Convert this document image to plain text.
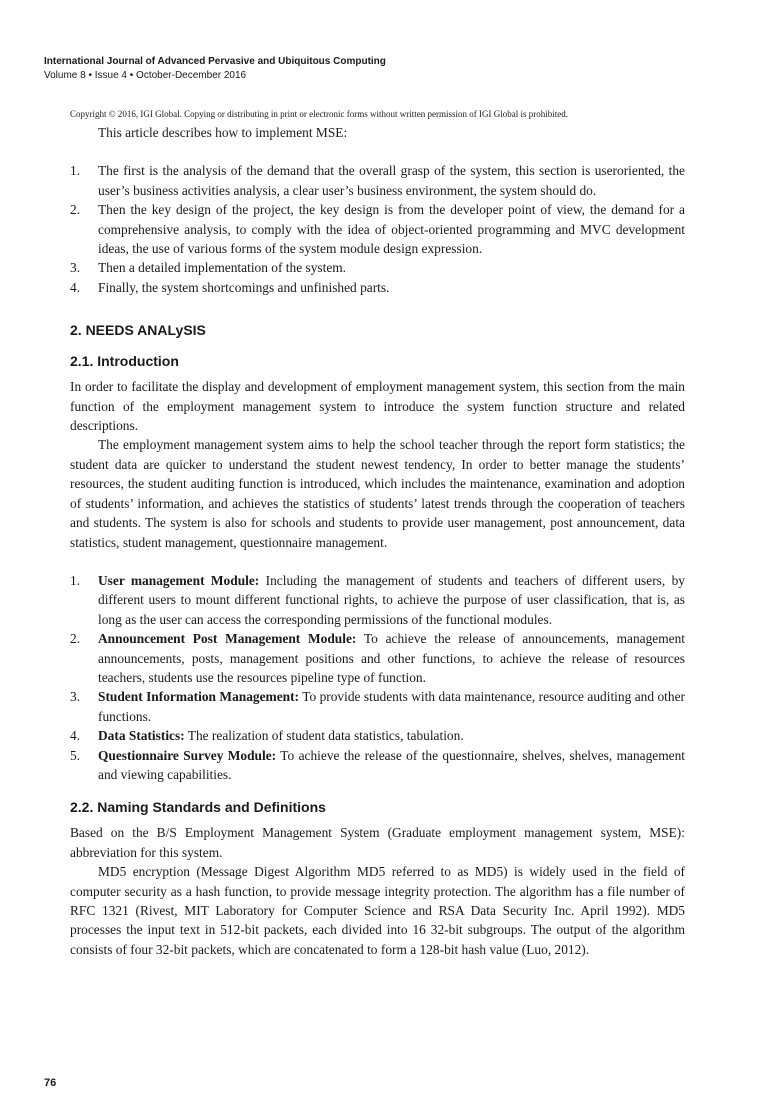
International Journal of Advanced Pervasive and Ubiquitous Computing

Volume 8 • Issue 4 • October-December 2016

Copyright © 2016, IGI Global. Copying or distributing in print or electronic forms without written permission of IGI Global is prohibited.

This article describes how to implement MSE:

1. The first is the analysis of the demand that the overall grasp of the system, this section is useroriented, the user’s business activities analysis, a clear user’s business environment, the system should do.
2. Then the key design of the project, the key design is from the developer point of view, the demand for a comprehensive analysis, to comply with the idea of object-oriented programming and MVC development ideas, the use of various forms of the system module design expression.
3. Then a detailed implementation of the system.
4. Finally, the system shortcomings and unfinished parts.
2. NEEDS ANALySIS
2.1. Introduction

In order to facilitate the display and development of employment management system, this section from the main function of the employment management system to introduce the system function structure and related descriptions.

The employment management system aims to help the school teacher through the report form statistics; the student data are quicker to understand the student newest tendency, In order to better manage the students’ resources, the student auditing function is introduced, which includes the maintenance, examination and adoption of students’ information, and achieves the statistics of students’ latest trends through the cooperation of teachers and students. The system is also for schools and students to provide user management, post announcement, data statistics, student management, questionnaire management.

1. User management Module: Including the management of students and teachers of different users, by different users to mount different functional rights, to achieve the purpose of user classification, that is, as long as the user can access the corresponding permissions of the functional modules.
2. Announcement Post Management Module: To achieve the release of announcements, management announcements, posts, management positions and other functions, to achieve the release of resources teachers, students use the resources pipeline type of function.
3. Student Information Management: To provide students with data maintenance, resource auditing and other functions.
4. Data Statistics: The realization of student data statistics, tabulation.
5. Questionnaire Survey Module: To achieve the release of the questionnaire, shelves, shelves, management and viewing capabilities.
2.2. Naming Standards and Definitions

Based on the B/S Employment Management System (Graduate employment management system, MSE): abbreviation for this system.

MD5 encryption (Message Digest Algorithm MD5 referred to as MD5) is widely used in the field of computer security as a hash function, to provide message integrity protection. The algorithm has a file number of RFC 1321 (Rivest, MIT Laboratory for Computer Science and RSA Data Security Inc. April 1992). MD5 processes the input text in 512-bit packets, each divided into 16 32-bit subgroups. The output of the algorithm consists of four 32-bit packets, which are concatenated to form a 128-bit hash value (Luo, 2012).

76
